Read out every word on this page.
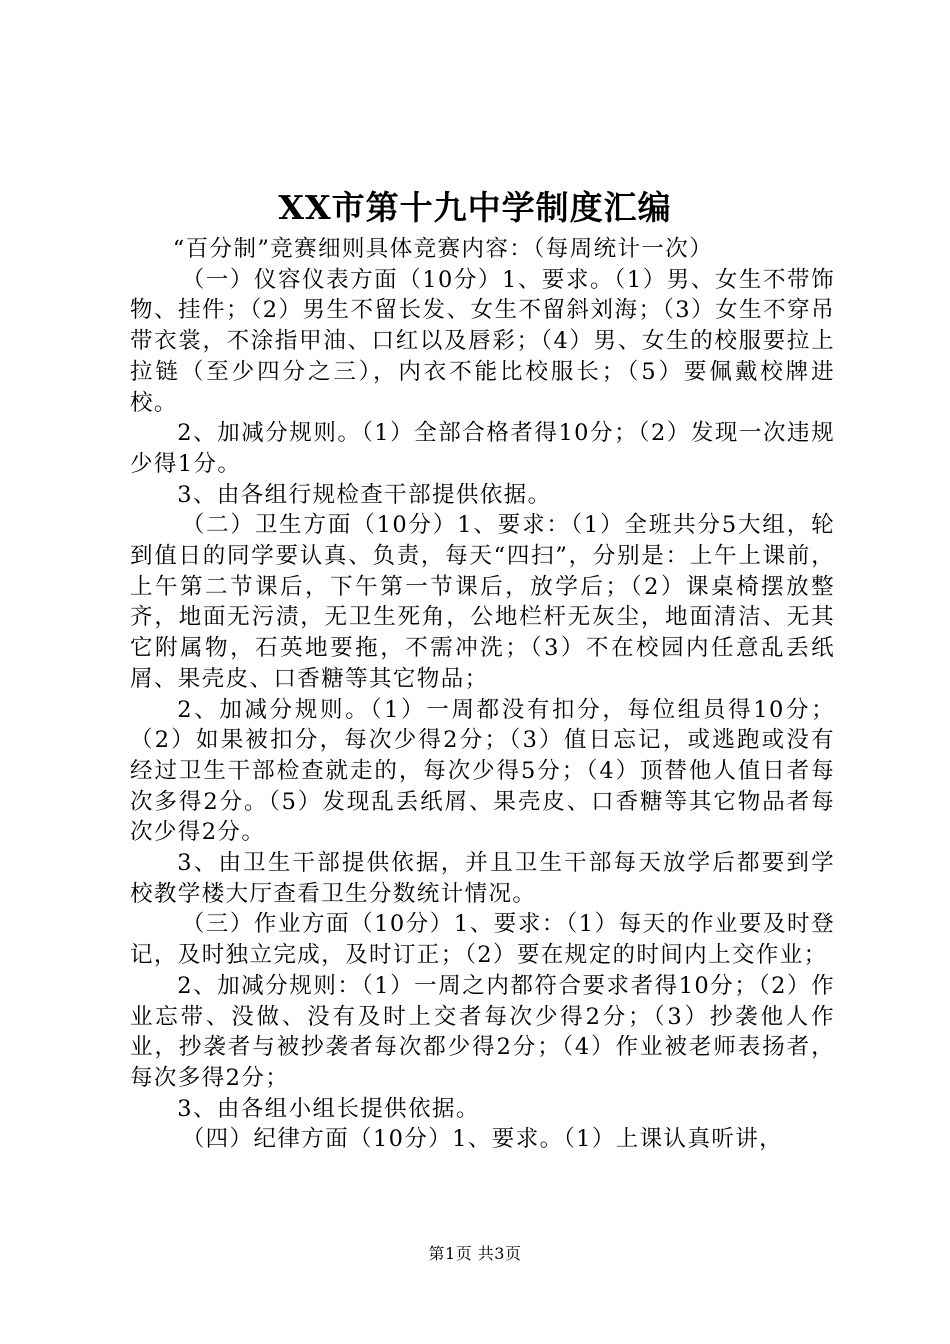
XX市第十九中学制度汇编

“百分制”竞赛细则具体竞赛内容：（每周统计一次）

（一）仪容仪表方面（10分）1、要求。（1）男、女生不带饰物、挂件；（2）男生不留长发、女生不留斜刘海；（3）女生不穿吊带衣裳，不涂指甲油、口红以及唇彩；（4）男、女生的校服要拉上拉链（至少四分之三），内衣不能比校服长；（5）要佩戴校牌进校。

2、加减分规则。（1）全部合格者得10分；（2）发现一次违规少得1分。

3、由各组行规检查干部提供依据。

（二）卫生方面（10分）1、要求：（1）全班共分5大组，轮到值日的同学要认真、负责，每天“四扫”，分别是：上午上课前，上午第二节课后，下午第一节课后，放学后；（2）课桌椅摆放整齐，地面无污渍，无卫生死角，公地栏杆无灰尘，地面清洁、无其它附属物，石英地要拖，不需冲洗；（3）不在校园内任意乱丢纸屑、果壳皮、口香糖等其它物品；

2、加减分规则。（1）一周都没有扣分，每位组员得10分；（2）如果被扣分，每次少得2分；（3）值日忘记，或逃跑或没有经过卫生干部检查就走的，每次少得5分；（4）顶替他人值日者每次多得2分。（5）发现乱丢纸屑、果壳皮、口香糖等其它物品者每次少得2分。

3、由卫生干部提供依据，并且卫生干部每天放学后都要到学校教学楼大厅查看卫生分数统计情况。

（三）作业方面（10分）1、要求：（1）每天的作业要及时登记，及时独立完成，及时订正；（2）要在规定的时间内上交作业；

2、加减分规则：（1）一周之内都符合要求者得10分；（2）作业忘带、没做、没有及时上交者每次少得2分；（3）抄袭他人作业，抄袭者与被抄袭者每次都少得2分；（4）作业被老师表扬者，每次多得2分；

3、由各组小组长提供依据。

（四）纪律方面（10分）1、要求。（1）上课认真听讲，

第1页 共3页
